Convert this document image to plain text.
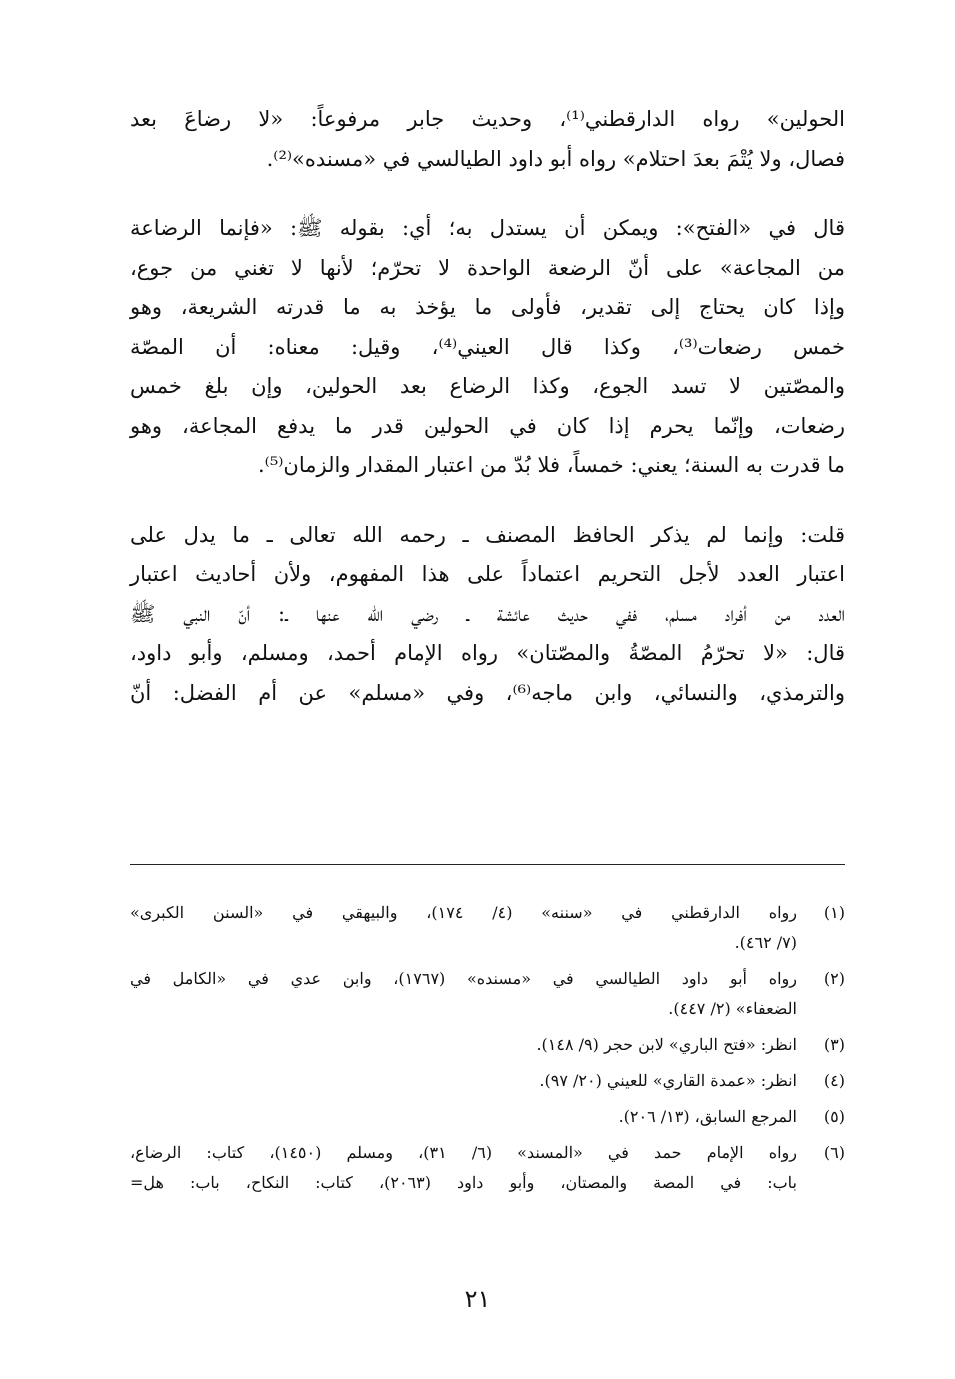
الحولين» رواه الدارقطني⁽¹⁾، وحديث جابر مرفوعاً: «لا رضاعَ بعد
فصال، ولا يُتْمَ بعدَ احتلام» رواه أبو داود الطيالسي في «مسنده»⁽²⁾.
قال في «الفتح»: ويمكن أن يستدل به؛ أي: بقوله ﷺ: «فإنما الرضاعة
من المجاعة» على أنّ الرضعة الواحدة لا تحرّم؛ لأنها لا تغني من جوع،
وإذا كان يحتاج إلى تقدير، فأولى ما يؤخذ به ما قدرته الشريعة، وهو
خمس رضعات⁽³⁾، وكذا قال العيني⁽⁴⁾، وقيل: معناه: أن المصّة
والمصّتين لا تسد الجوع، وكذا الرضاع بعد الحولين، وإن بلغ خمس
رضعات، وإنّما يحرم إذا كان في الحولين قدر ما يدفع المجاعة، وهو
ما قدرت به السنة؛ يعني: خمساً، فلا بُدّ من اعتبار المقدار والزمان⁽⁵⁾.
قلت: وإنما لم يذكر الحافظ المصنف ـ رحمه الله تعالى ـ ما يدل على
اعتبار العدد لأجل التحريم اعتماداً على هذا المفهوم، ولأن أحاديث اعتبار
العدد من أفراد مسلم، ففي حديث عائشة ـ رضي الله عنها ـ: أنّ النبي ﷺ
قال: «لا تحرّمُ المصّةُ والمصّتان» رواه الإمام أحمد، ومسلم، وأبو داود،
والترمذي، والنسائي، وابن ماجه⁽⁶⁾، وفي «مسلم» عن أم الفضل: أنّ
(١)
رواه الدارقطني في «سننه» (٤/ ١٧٤)، والبيهقي في «السنن الكبرى»
(٧/ ٤٦٢).
(٢)
رواه أبو داود الطيالسي في «مسنده» (١٧٦٧)، وابن عدي في «الكامل في
الضعفاء» (٢/ ٤٤٧).
(٣)
انظر: «فتح الباري» لابن حجر (٩/ ١٤٨).
(٤)
انظر: «عمدة القاري» للعيني (٢٠/ ٩٧).
(٥)
المرجع السابق، (١٣/ ٢٠٦).
(٦)
رواه الإمام حمد في «المسند» (٦/ ٣١)، ومسلم (١٤٥٠)، كتاب: الرضاع،
باب: في المصة والمصتان، وأبو داود (٢٠٦٣)، كتاب: النكاح، باب: هل=
٢١
